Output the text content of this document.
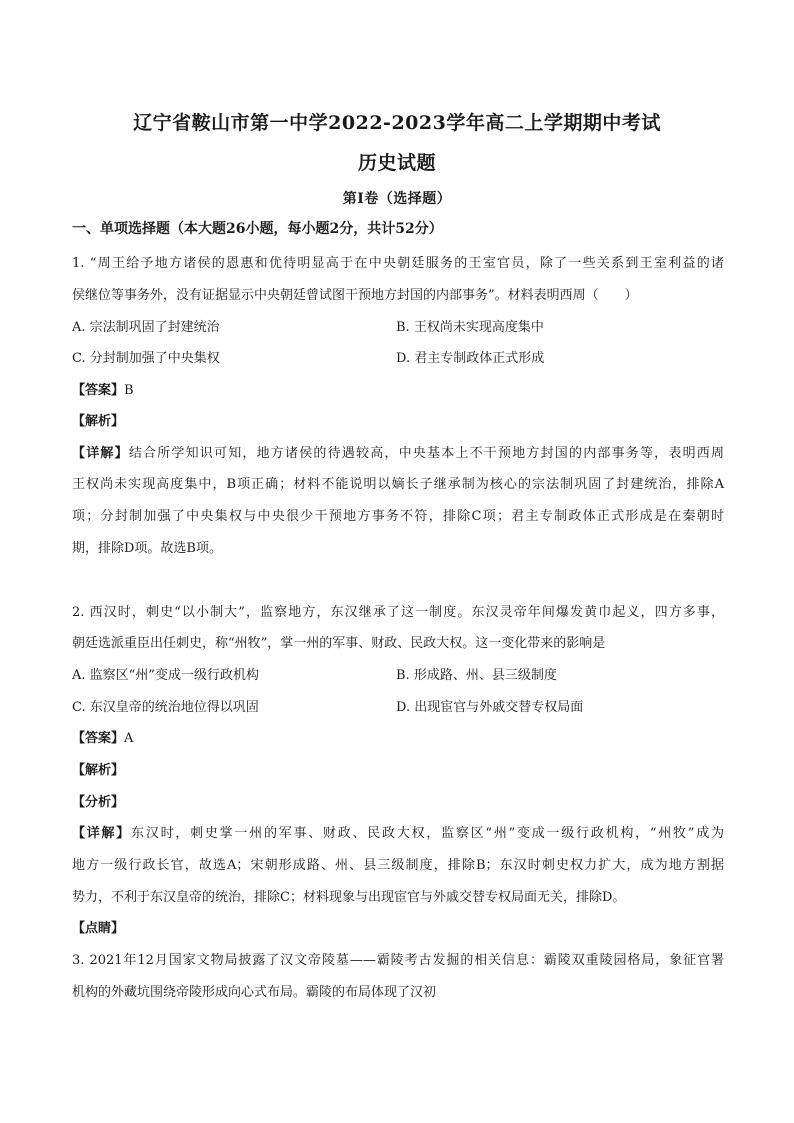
辽宁省鞍山市第一中学2022-2023学年高二上学期期中考试
历史试题
第Ⅰ卷（选择题）
一、单项选择题（本大题26小题，每小题2分，共计52分）
1. “周王给予地方诸侯的恩惠和优待明显高于在中央朝廷服务的王室官员，除了一些关系到王室利益的诸
侯继位等事务外，没有证据显示中央朝廷曾试图干预地方封国的内部事务”。材料表明西周（　　）
A. 宗法制巩固了封建统治	B. 王权尚未实现高度集中
C. 分封制加强了中央集权	D. 君主专制政体正式形成
【答案】B
【解析】
【详解】结合所学知识可知，地方诸侯的待遇较高，中央基本上不干预地方封国的内部事务等，表明西周
王权尚未实现高度集中，B项正确；材料不能说明以嫡长子继承制为核心的宗法制巩固了封建统治，排除A
项；分封制加强了中央集权与中央很少干预地方事务不符，排除C项；君主专制政体正式形成是在秦朝时
期，排除D项。故选B项。
2. 西汉时，刺史“以小制大”，监察地方，东汉继承了这一制度。东汉灵帝年间爆发黄巾起义，四方多事，
朝廷选派重臣出任刺史，称“州牧”，掌一州的军事、财政、民政大权。这一变化带来的影响是
A. 监察区“州”变成一级行政机构	B. 形成路、州、县三级制度
C. 东汉皇帝的统治地位得以巩固	D. 出现宦官与外戚交替专权局面
【答案】A
【解析】
【分析】
【详解】东汉时，刺史掌一州的军事、财政、民政大权，监察区“州”变成一级行政机构，“州牧”成为
地方一级行政长官，故选A；宋朝形成路、州、县三级制度，排除B；东汉时刺史权力扩大，成为地方割据
势力，不利于东汉皇帝的统治，排除C；材料现象与出现宦官与外戚交替专权局面无关，排除D。
【点睛】
3. 2021年12月国家文物局披露了汉文帝陵墓——霸陵考古发掘的相关信息：霸陵双重陵园格局，象征官署
机构的外藏坑围绕帝陵形成向心式布局。霸陵的布局体现了汉初
